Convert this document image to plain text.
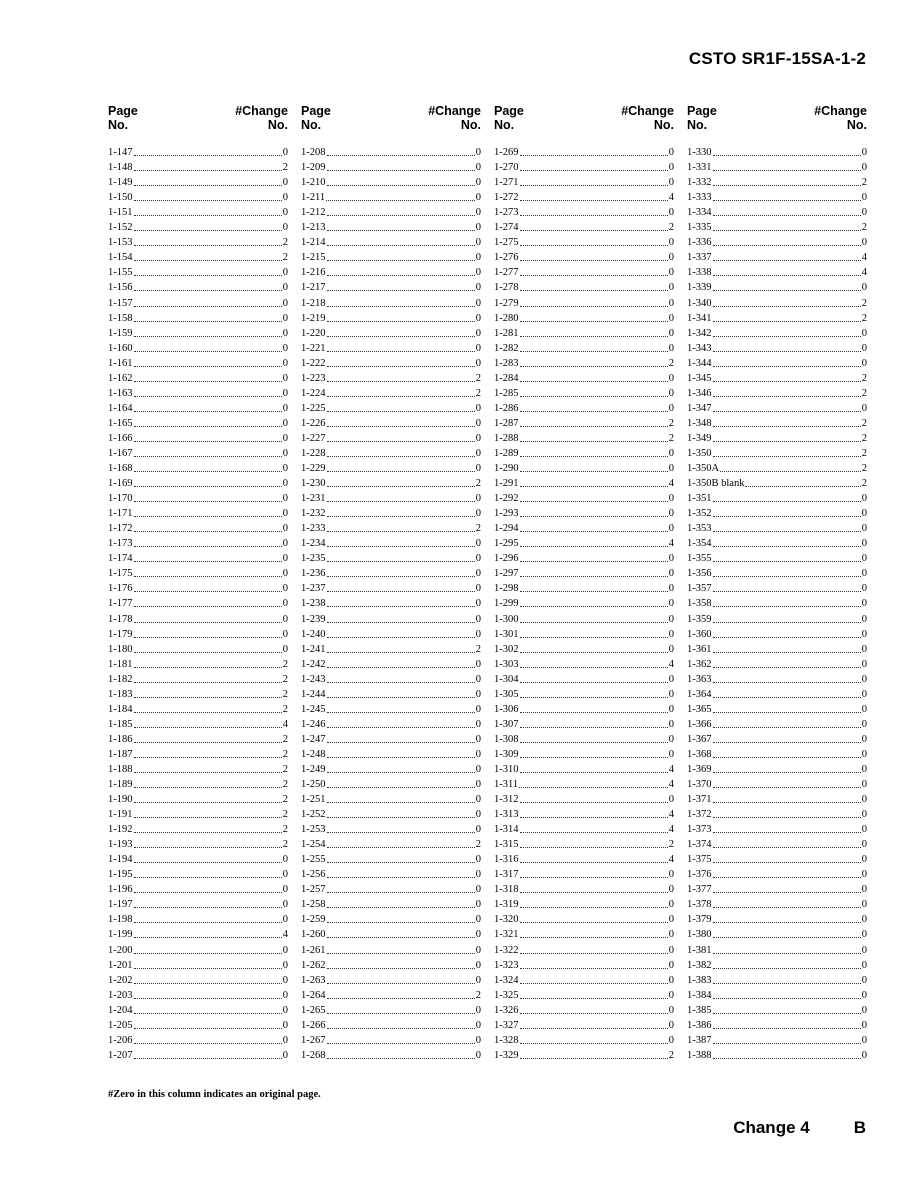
CSTO SR1F-15SA-1-2
Page
No.
#Change
No.
1-147	0
1-148	2
1-149	0
1-150	0
1-151	0
1-152	0
1-153	2
1-154	2
1-155	0
1-156	0
1-157	0
1-158	0
1-159	0
1-160	0
1-161	0
1-162	0
1-163	0
1-164	0
1-165	0
1-166	0
1-167	0
1-168	0
1-169	0
1-170	0
1-171	0
1-172	0
1-173	0
1-174	0
1-175	0
1-176	0
1-177	0
1-178	0
1-179	0
1-180	0
1-181	2
1-182	2
1-183	2
1-184	2
1-185	4
1-186	2
1-187	2
1-188	2
1-189	2
1-190	2
1-191	2
1-192	2
1-193	2
1-194	0
1-195	0
1-196	0
1-197	0
1-198	0
1-199	4
1-200	0
1-201	0
1-202	0
1-203	0
1-204	0
1-205	0
1-206	0
1-207	0
Page
No.
#Change
No.
1-208	0
1-209	0
1-210	0
1-211	0
1-212	0
1-213	0
1-214	0
1-215	0
1-216	0
1-217	0
1-218	0
1-219	0
1-220	0
1-221	0
1-222	0
1-223	2
1-224	2
1-225	0
1-226	0
1-227	0
1-228	0
1-229	0
1-230	2
1-231	0
1-232	0
1-233	2
1-234	0
1-235	0
1-236	0
1-237	0
1-238	0
1-239	0
1-240	0
1-241	2
1-242	0
1-243	0
1-244	0
1-245	0
1-246	0
1-247	0
1-248	0
1-249	0
1-250	0
1-251	0
1-252	0
1-253	0
1-254	2
1-255	0
1-256	0
1-257	0
1-258	0
1-259	0
1-260	0
1-261	0
1-262	0
1-263	0
1-264	2
1-265	0
1-266	0
1-267	0
1-268	0
Page
No.
#Change
No.
1-269	0
1-270	0
1-271	0
1-272	4
1-273	0
1-274	2
1-275	0
1-276	0
1-277	0
1-278	0
1-279	0
1-280	0
1-281	0
1-282	0
1-283	2
1-284	0
1-285	0
1-286	0
1-287	2
1-288	2
1-289	0
1-290	0
1-291	4
1-292	0
1-293	0
1-294	0
1-295	4
1-296	0
1-297	0
1-298	0
1-299	0
1-300	0
1-301	0
1-302	0
1-303	4
1-304	0
1-305	0
1-306	0
1-307	0
1-308	0
1-309	0
1-310	4
1-311	4
1-312	0
1-313	4
1-314	4
1-315	2
1-316	4
1-317	0
1-318	0
1-319	0
1-320	0
1-321	0
1-322	0
1-323	0
1-324	0
1-325	0
1-326	0
1-327	0
1-328	0
1-329	2
Page
No.
#Change
No.
1-330	0
1-331	0
1-332	2
1-333	0
1-334	0
1-335	2
1-336	0
1-337	4
1-338	4
1-339	0
1-340	2
1-341	2
1-342	0
1-343	0
1-344	0
1-345	2
1-346	2
1-347	0
1-348	2
1-349	2
1-350	2
1-350A	2
1-350B blank	2
1-351	0
1-352	0
1-353	0
1-354	0
1-355	0
1-356	0
1-357	0
1-358	0
1-359	0
1-360	0
1-361	0
1-362	0
1-363	0
1-364	0
1-365	0
1-366	0
1-367	0
1-368	0
1-369	0
1-370	0
1-371	0
1-372	0
1-373	0
1-374	0
1-375	0
1-376	0
1-377	0
1-378	0
1-379	0
1-380	0
1-381	0
1-382	0
1-383	0
1-384	0
1-385	0
1-386	0
1-387	0
1-388	0
#Zero in this column indicates an original page.
Change 4	B
